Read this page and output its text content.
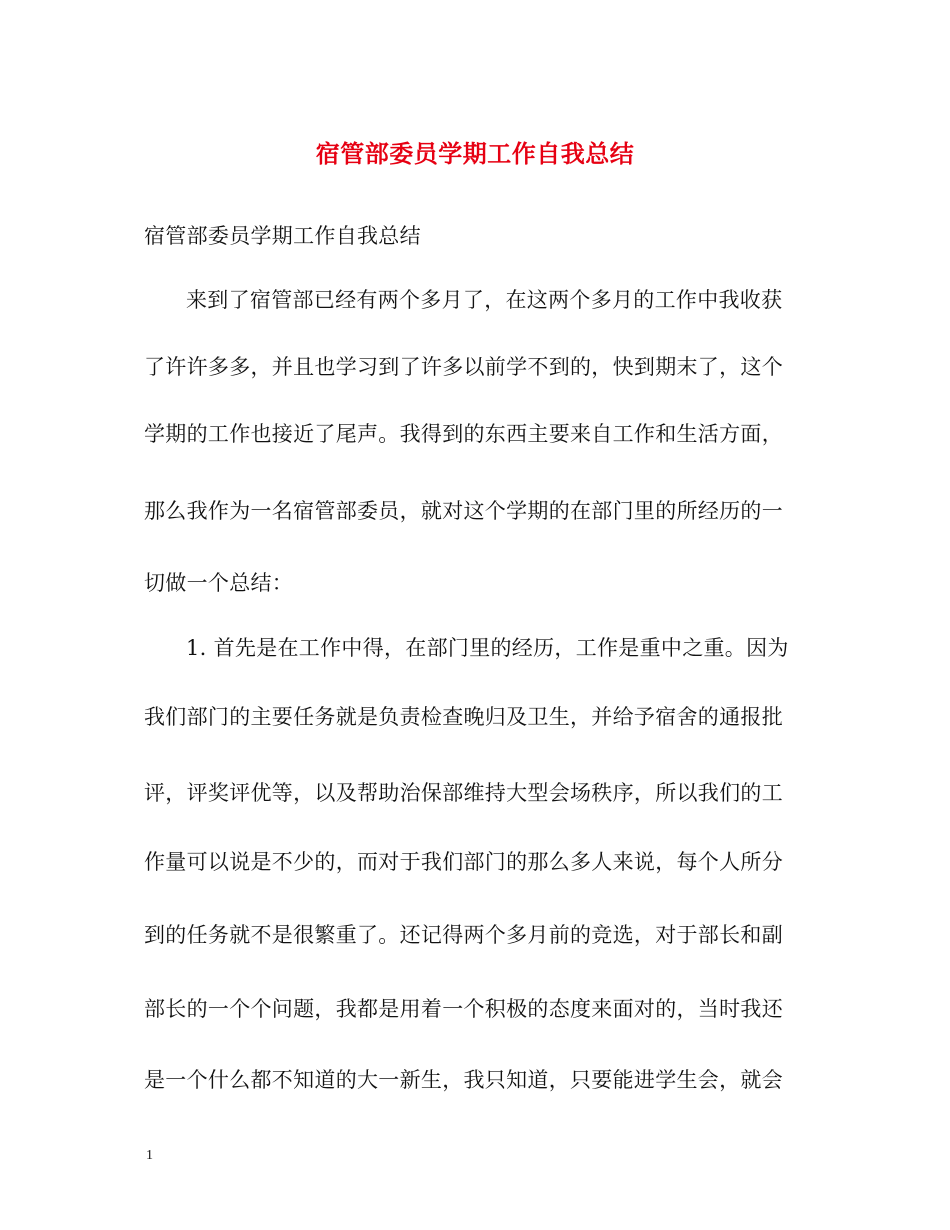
宿管部委员学期工作自我总结
宿管部委员学期工作自我总结
来到了宿管部已经有两个多月了，在这两个多月的工作中我收获
了许许多多，并且也学习到了许多以前学不到的，快到期末了，这个
学期的工作也接近了尾声。我得到的东西主要来自工作和生活方面，
那么我作为一名宿管部委员，就对这个学期的在部门里的所经历的一
切做一个总结：
1. 首先是在工作中得，在部门里的经历，工作是重中之重。因为
我们部门的主要任务就是负责检查晚归及卫生，并给予宿舍的通报批
评，评奖评优等，以及帮助治保部维持大型会场秩序，所以我们的工
作量可以说是不少的，而对于我们部门的那么多人来说，每个人所分
到的任务就不是很繁重了。还记得两个多月前的竞选，对于部长和副
部长的一个个问题，我都是用着一个积极的态度来面对的，当时我还
是一个什么都不知道的大一新生，我只知道，只要能进学生会，就会
1
